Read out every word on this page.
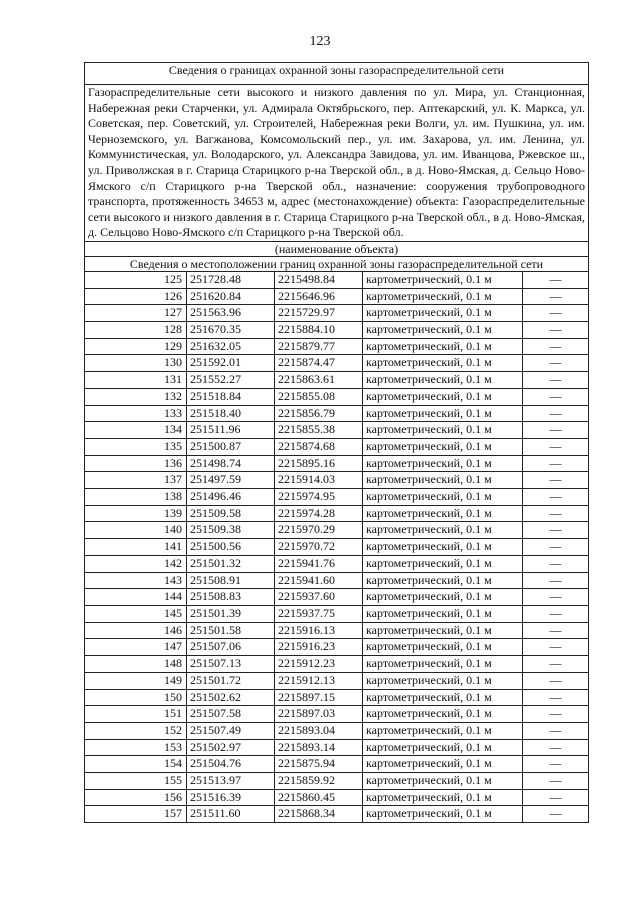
123
Сведения о границах охранной зоны газораспределительной сети				
Газораспределительные сети высокого и низкого давления по ул. Мира, ул. Станционная, Набережная реки Старченки, ул. Адмирала Октябрьского, пер. Аптекарский, ул. К. Маркса, ул. Советская, пер. Советский, ул. Строителей, Набережная реки Волги, ул. им. Пушкина, ул. им. Черноземского, ул. Вагжанова, Комсомольский пер., ул. им. Захарова, ул. им. Ленина, ул. Коммунистическая, ул. Володарского, ул. Александра Завидова, ул. им. Иванцова, Ржевское ш., ул. Приволжская в г. Старица Старицкого р-на Тверской обл., в д. Ново-Ямская, д. Сельцо Ново-Ямского с/п Старицкого р-на Тверской обл., назначение: сооружения трубопроводного транспорта, протяженность 34653 м, адрес (местонахождение) объекта: Газораспределительные сети высокого и низкого давления в г. Старица Старицкого р-на Тверской обл., в д. Ново-Ямская, д. Сельцово Ново-Ямского с/п Старицкого р-на Тверской обл.				
(наименование объекта)				
Сведения о местоположении границ охранной зоны газораспределительной сети				
125	251728.48	2215498.84	картометрический, 0.1 м	—
126	251620.84	2215646.96	картометрический, 0.1 м	—
127	251563.96	2215729.97	картометрический, 0.1 м	—
128	251670.35	2215884.10	картометрический, 0.1 м	—
129	251632.05	2215879.77	картометрический, 0.1 м	—
130	251592.01	2215874.47	картометрический, 0.1 м	—
131	251552.27	2215863.61	картометрический, 0.1 м	—
132	251518.84	2215855.08	картометрический, 0.1 м	—
133	251518.40	2215856.79	картометрический, 0.1 м	—
134	251511.96	2215855.38	картометрический, 0.1 м	—
135	251500.87	2215874.68	картометрический, 0.1 м	—
136	251498.74	2215895.16	картометрический, 0.1 м	—
137	251497.59	2215914.03	картометрический, 0.1 м	—
138	251496.46	2215974.95	картометрический, 0.1 м	—
139	251509.58	2215974.28	картометрический, 0.1 м	—
140	251509.38	2215970.29	картометрический, 0.1 м	—
141	251500.56	2215970.72	картометрический, 0.1 м	—
142	251501.32	2215941.76	картометрический, 0.1 м	—
143	251508.91	2215941.60	картометрический, 0.1 м	—
144	251508.83	2215937.60	картометрический, 0.1 м	—
145	251501.39	2215937.75	картометрический, 0.1 м	—
146	251501.58	2215916.13	картометрический, 0.1 м	—
147	251507.06	2215916.23	картометрический, 0.1 м	—
148	251507.13	2215912.23	картометрический, 0.1 м	—
149	251501.72	2215912.13	картометрический, 0.1 м	—
150	251502.62	2215897.15	картометрический, 0.1 м	—
151	251507.58	2215897.03	картометрический, 0.1 м	—
152	251507.49	2215893.04	картометрический, 0.1 м	—
153	251502.97	2215893.14	картометрический, 0.1 м	—
154	251504.76	2215875.94	картометрический, 0.1 м	—
155	251513.97	2215859.92	картометрический, 0.1 м	—
156	251516.39	2215860.45	картометрический, 0.1 м	—
157	251511.60	2215868.34	картометрический, 0.1 м	—
